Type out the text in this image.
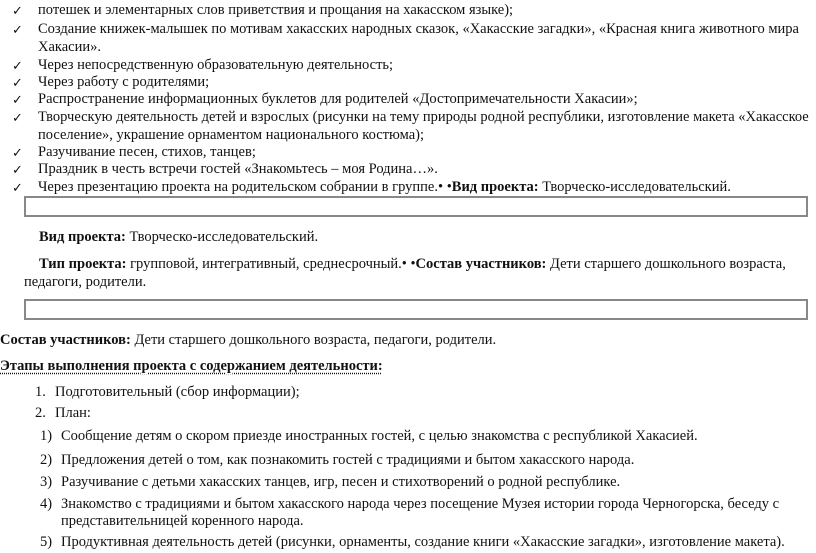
✓ потешек и элементарных слов приветствия и прощания на хакасском языке);
✓ Создание книжек-малышек по мотивам хакасских народных сказок, «Хакасские загадки», «Красная книга животного мира
Хакасии».
✓ Через непосредственную образовательную деятельность;
✓ Через работу с родителями;
✓ Распространение информационных буклетов для родителей «Достопримечательности Хакасии»;
✓ Творческую деятельность детей и взрослых (рисунки на тему природы родной республики, изготовление макета «Хакасское
поселение», украшение орнаментом национального костюма);
✓ Разучивание песен, стихов, танцев;
✓ Праздник в честь встречи гостей «Знакомьтесь – моя Родина…».
✓ Через презентацию проекта на родительском собрании в группе.• •Вид проекта: Творческо-исследовательский.
Вид проекта: Творческо-исследовательский.
Тип проекта: групповой, интегративный, среднесрочный.• •Состав участников: Дети старшего дошкольного возраста,
педагоги, родители.
Состав участников: Дети старшего дошкольного возраста, педагоги, родители.
Этапы выполнения проекта с содержанием деятельности:
1. Подготовительный (сбор информации);
2. План:
1) Сообщение детям о скором приезде иностранных гостей, с целью знакомства с республикой Хакасией.
2) Предложения детей о том, как познакомить гостей с традициями и бытом хакасского народа.
3) Разучивание с детьми хакасских танцев, игр, песен и стихотворений о родной республике.
4) Знакомство с традициями и бытом хакасского народа через посещение Музея истории города Черногорска, беседу с
представительницей коренного народа.
5) Продуктивная деятельность детей (рисунки, орнаменты, создание книги «Хакасские загадки», изготовление макета).
